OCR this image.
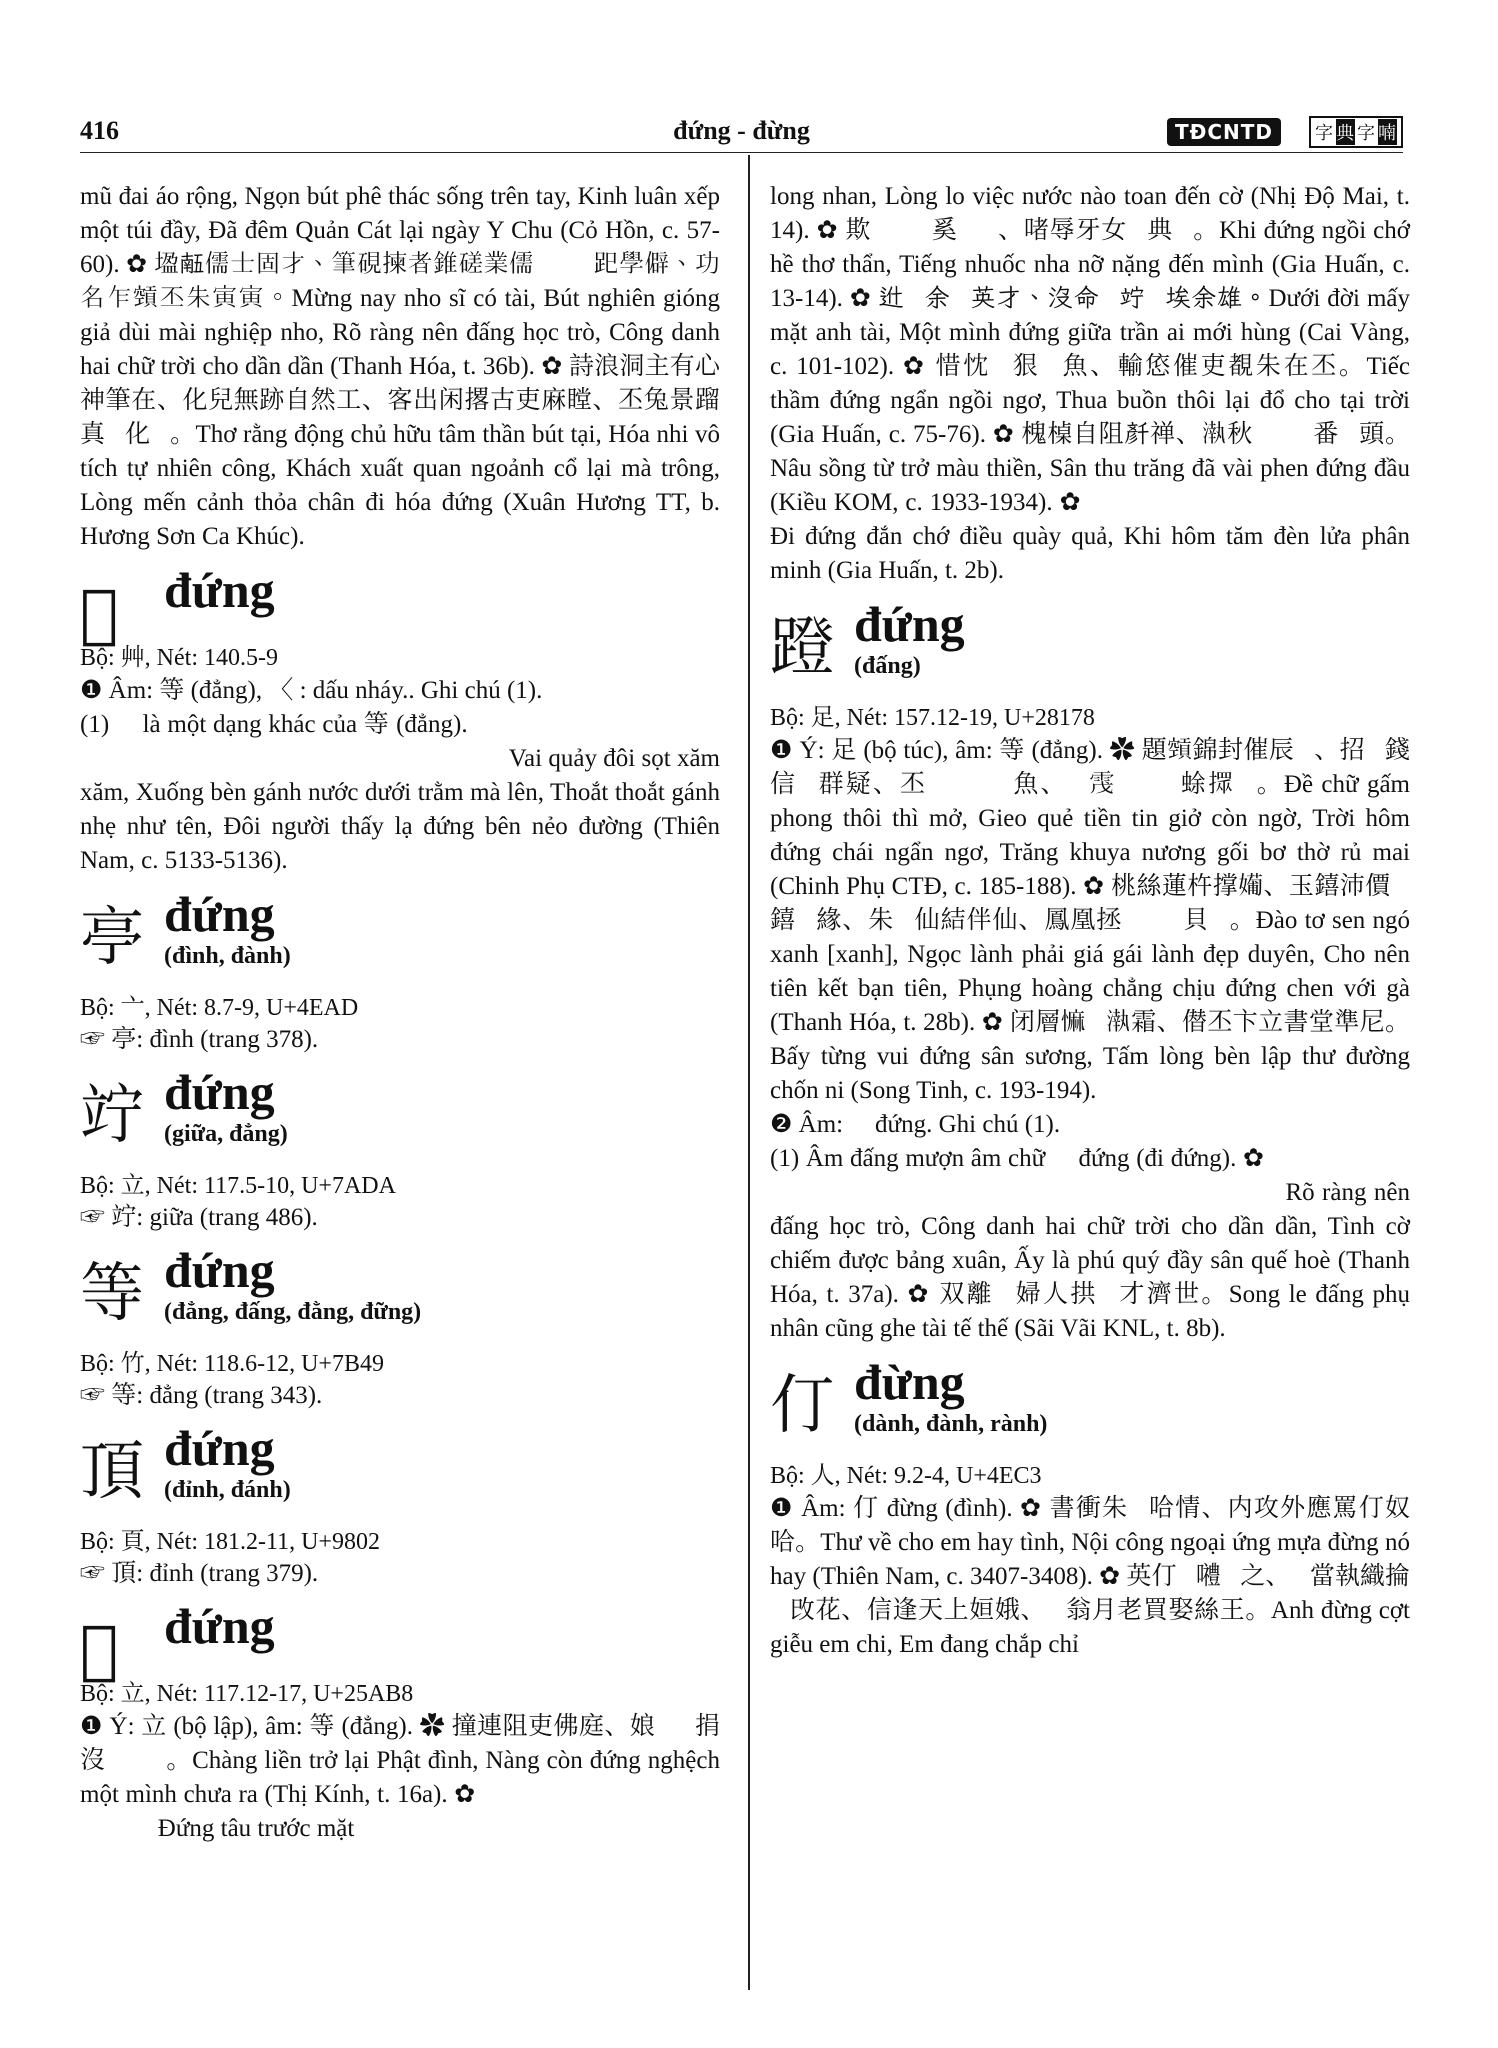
416	đứng - đừng	TĐCNTD	字 典 字 喃

mũ đai áo rộng, Ngọn bút phê thác sống trên tay, Kinh luân xếp một túi đầy, Đã đêm Quản Cát lại ngày Y Chu (Cỏ Hồn, c. 57-60). ✿ 𡎠𠄼儒士固才、筆硯揀者錐磋業儒𡧲𡧲𢧚𧿆學僻、功名乍𥨨丕朱寅寅。Mừng nay nho sĩ có tài, Bút nghiên gióng giả dùi mài nghiệp nho, Rõ ràng nên đấng học trò, Công danh hai chữ trời cho dần dần (Thanh Hóa, t. 36b). ✿ 詩浪洞主有心神筆在、化兒無跡自然工、客出闲撂古吏麻瞠、丕兔景蹓真𢷀化𨆝。Thơ rằng động chủ hữu tâm thần bút tại, Hóa nhi vô tích tự nhiên công, Khách xuất quan ngoảnh cổ lại mà trông, Lòng mến cảnh thỏa chân đi hóa đứng (Xuân Hương TT, b. Hương Sơn Ca Khúc).

𦬑 đứng
Bộ: 艸, Nét: 140.5-9

❶ Âm: 等 (đẳng), 〈 : dấu nháy.. Ghi chú (1).

(1) 𦬑 là một dạng khác của 等 (đẳng). ✿ 𢬣掛堆𧾷侵侵、𢯞下𣙺渃𣻆沉麻蓮、脱脱𣙺珥如𦬑、堆𠊛𧡊𢦀𤳇𦬑边𡊚塘。Vai quảy đôi sọt xăm xăm, Xuống bèn gánh nước dưới trằm mà lên, Thoắt thoắt gánh nhẹ như tên, Đôi người thấy lạ đứng bên nẻo đường (Thiên Nam, c. 5133-5136).

亭 đứng
(đình, đành)
Bộ: 亠, Nét: 8.7-9, U+4EAD
☞ 亭: đình (trang 378).
竚 đứng
(giữa, đẳng)
Bộ: 立, Nét: 117.5-10, U+7ADA
☞ 竚: giữa (trang 486).
等 đứng
(đẳng, đấng, đằng, đững)
Bộ: 竹, Nét: 118.6-12, U+7B49
☞ 等: đẳng (trang 343).
頂 đứng
(đỉnh, đánh)
Bộ: 頁, Nét: 181.2-11, U+9802
☞ 頂: đỉnh (trang 379).
𫞸 đứng
Bộ: 立, Nét: 117.12-17, U+25AB8

❶ Ý: 立 (bộ lập), âm: 等 (đẳng). ✿ 撞連阻吏佛庭、娘𡚚𫞸捐沒𨀈𨅉𠁀。Chàng liền trở lại Phật đình, Nàng còn đứng nghệch một mình chưa ra (Thị Kính, t. 16a). ✿ 𫞸奏𩹸𣘈龍顔、丕𢚸役渃𦀊算旦棋。Đứng tâu trước mặt

long nhan, Lòng lo việc nước nào toan đến cờ (Nhị Độ Mai, t. 14). ✿ 欺𫞸𢁋𦉽奚𢺺𠠩、啫辱牙女𡀫典𨓡。Khi đứng ngồi chớ hề thơ thẩn, Tiếng nhuốc nha nỡ nặng đến mình (Gia Huấn, c. 13-14). ✿ 𨑮𦹵余𥚄英才、没命𫞸竚𡎝埃余雄。Dưới đời mấy mặt anh tài, Một mình đứng giữa trần ai mới hùng (Cai Vàng, c. 101-102). ✿ 惜忱𫞸狠𢁋魚、輸㥋催吏覩朱在丕。Tiếc thầm đứng ngẩn ngồi ngơ, Thua buồn thôi lại đổ cho tại trời (Gia Huấn, c. 75-76). ✿ 槐槕自阻𠦳禅、𣼳秋𦛌𢭲𨂍番𫞸頭。Nâu sồng từ trở màu thiền, Sân thu trăng đã vài phen đứng đầu (Kiều KOM, c. 1933-1934). ✿ 𢷀𫞸𨆝𦉽調㨋𣘈、欺𡗶沁𤈜焒分明。Đi đứng đắn chớ điều quày quả, Khi hôm tăm đèn lửa phân minh (Gia Huấn, t. 2b).

蹬 đứng
(đấng)
Bộ: 足, Nét: 157.12-19, U+28178

❶ Ý: 足 (bộ túc), âm: 等 (đẳng). ✿ 題𥨨錦封催辰𦏓、招𩵜錢信𢷀群疑、丕𡗶𨆝𡋂𨰈魚、𦛌𩂟𠓨𢶻𦲶蜍𢶢𩯀。Đề chữ gấm phong thôi thì mở, Gieo quẻ tiền tin giở còn ngờ, Trời hôm đứng chái ngẩn ngơ, Trăng khuya nương gối bơ thờ rủ mai (Chinh Phụ CTĐ, c. 185-188). ✿ 桃絲蓮杵撑𡢼、玉𨭎沛價𡛔𨭎𦁾緣、朱𡧲仙結伴仙、鳳凰拯𦏓𨆝𦎛貝𤠄。Đào tơ sen ngó xanh [xanh], Ngọc lành phải giá gái lành đẹp duyên, Cho nên tiên kết bạn tiên, Phụng hoàng chẳng chịu đứng chen với gà (Thanh Hóa, t. 28b). ✿ 闭層𢠩𨆝𣼳霜、僣丕卞立書堂準尼。Bấy từng vui đứng sân sương, Tấm lòng bèn lập thư đường chốn ni (Song Tinh, c. 193-194).

❷ Âm: 𨆝 đứng. Ghi chú (1).

(1) Âm đấng mượn âm chữ 𨆝 đứng (đi đứng). ✿ 𡧲𡧲𢧚𨆝學僻、功名乍𥨨丕朱寅寅、情期占特榜春、意羅富貴渃𣼳桂槐。Rõ ràng nên đấng học trò, Công danh hai chữ trời cho dần dần, Tình cờ chiếm được bảng xuân, Ấy là phú quý đầy sân quế hoè (Thanh Hóa, t. 37a). ✿ 双離𨆝婦人拱𢵰才濟世。Song le đấng phụ nhân cũng ghe tài tế thế (Sãi Vãi KNL, t. 8b).

仃 đừng
(dành, đành, rành)
Bộ: 人, Nét: 9.2-4, U+4EC3

❶ Âm: 仃 đừng (đình). ✿ 書衝朱𡞕哈情、内攻外應罵仃奴哈。Thư về cho em hay tình, Nội công ngoại ứng mựa đừng nó hay (Thiên Nam, c. 3407-3408). ✿ 英仃𡁛𡅏𡞕之、𡞕當執織掄𣈖攺花、信逢天上姮娥、𢭂翁月老買娶絲王。Anh đừng cợt giễu em chi, Em đang chắp chỉ
